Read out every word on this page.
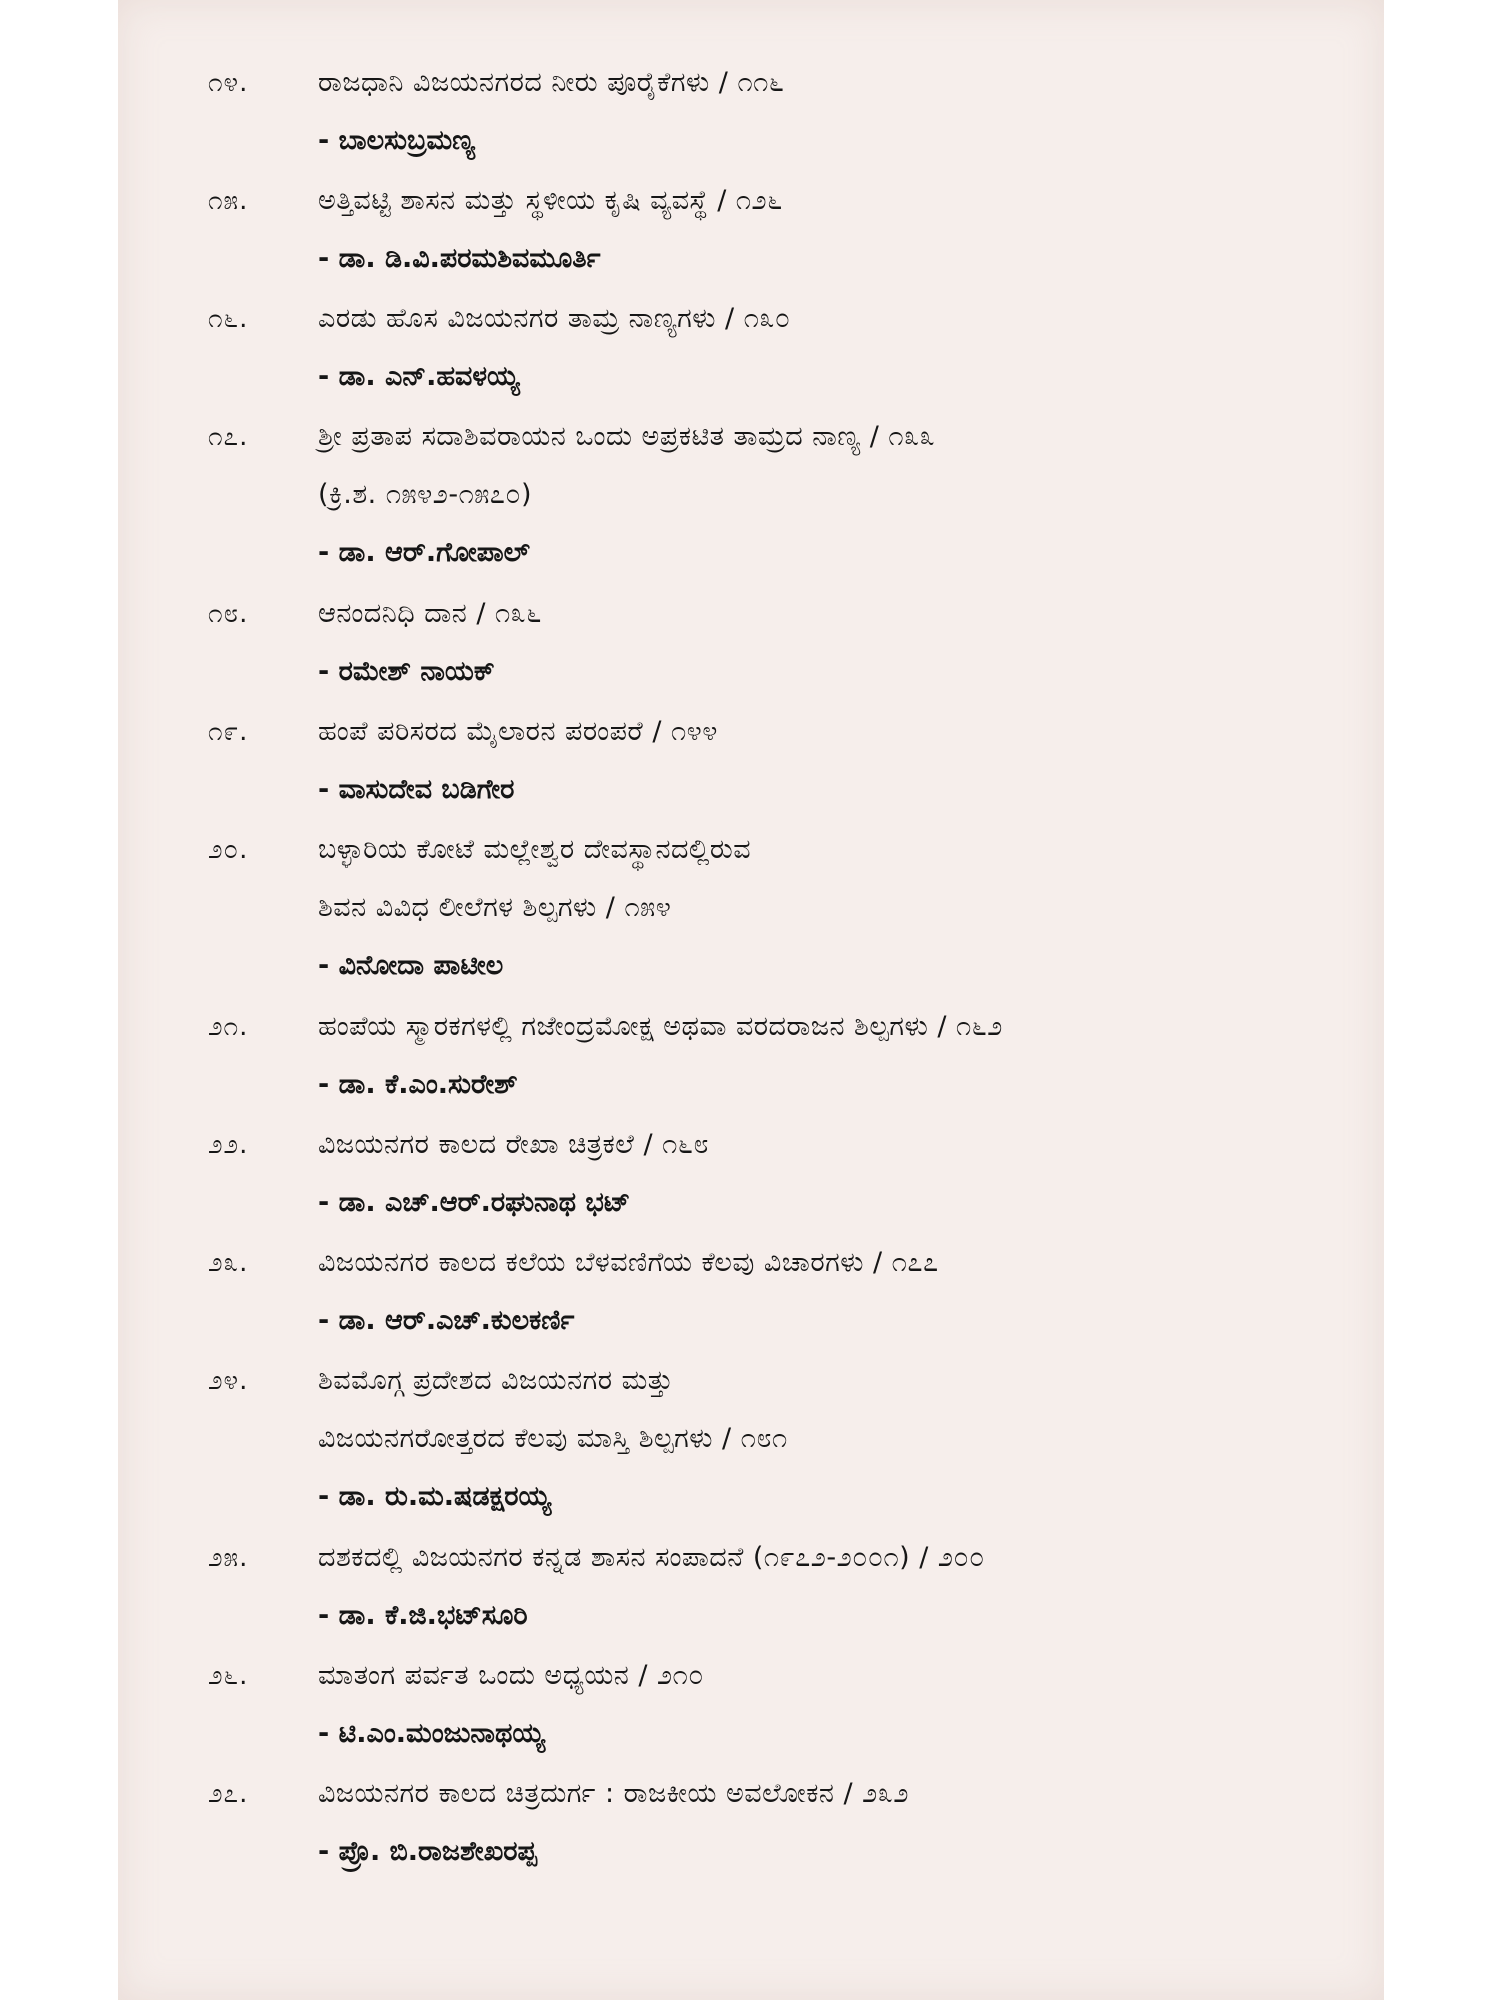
೧೪.	ರಾಜಧಾನಿ ವಿಜಯನಗರದ ನೀರು ಪೂರೈಕೆಗಳು / ೧೧೬
- ಬಾಲಸುಬ್ರಮಣ್ಯ
೧೫.	ಅತ್ತಿವಟ್ಟಿ ಶಾಸನ ಮತ್ತು ಸ್ಥಳೀಯ ಕೃಷಿ ವ್ಯವಸ್ಥೆ / ೧೨೬
- ಡಾ. ಡಿ.ವಿ.ಪರಮಶಿವಮೂರ್ತಿ
೧೬.	ಎರಡು ಹೊಸ ವಿಜಯನಗರ ತಾಮ್ರ ನಾಣ್ಯಗಳು / ೧೩೦
- ಡಾ. ಎನ್.ಹವಳಯ್ಯ
೧೭.	ಶ್ರೀ ಪ್ರತಾಪ ಸದಾಶಿವರಾಯನ ಒಂದು ಅಪ್ರಕಟಿತ ತಾಮ್ರದ ನಾಣ್ಯ / ೧೩೩
(ಕ್ರಿ.ಶ. ೧೫೪೨-೧೫೭೦)
- ಡಾ. ಆರ್.ಗೋಪಾಲ್
೧೮.	ಆನಂದನಿಧಿ ದಾನ / ೧೩೬
- ರಮೇಶ್ ನಾಯಕ್
೧೯.	ಹಂಪೆ ಪರಿಸರದ ಮೈಲಾರನ ಪರಂಪರೆ / ೧೪೪
- ವಾಸುದೇವ ಬಡಿಗೇರ
೨೦.	ಬಳ್ಳಾರಿಯ ಕೋಟೆ ಮಲ್ಲೇಶ್ವರ ದೇವಸ್ಥಾನದಲ್ಲಿರುವ
ಶಿವನ ವಿವಿಧ ಲೀಲೆಗಳ ಶಿಲ್ಪಗಳು / ೧೫೪
- ವಿನೋದಾ ಪಾಟೀಲ
೨೧.	ಹಂಪೆಯ ಸ್ಮಾರಕಗಳಲ್ಲಿ ಗಜೇಂದ್ರಮೋಕ್ಷ ಅಥವಾ ವರದರಾಜನ ಶಿಲ್ಪಗಳು / ೧೬೨
- ಡಾ. ಕೆ.ಎಂ.ಸುರೇಶ್
೨೨.	ವಿಜಯನಗರ ಕಾಲದ ರೇಖಾ ಚಿತ್ರಕಲೆ / ೧೬೮
- ಡಾ. ಎಚ್.ಆರ್.ರಘುನಾಥ ಭಟ್
೨೩.	ವಿಜಯನಗರ ಕಾಲದ ಕಲೆಯ ಬೆಳವಣಿಗೆಯ ಕೆಲವು ವಿಚಾರಗಳು / ೧೭೭
- ಡಾ. ಆರ್.ಎಚ್.ಕುಲಕರ್ಣಿ
೨೪.	ಶಿವಮೊಗ್ಗ ಪ್ರದೇಶದ ವಿಜಯನಗರ ಮತ್ತು
ವಿಜಯನಗರೋತ್ತರದ ಕೆಲವು ಮಾಸ್ತಿ ಶಿಲ್ಪಗಳು / ೧೮೧
- ಡಾ. ರು.ಮ.ಷಡಕ್ಷರಯ್ಯ
೨೫.	ದಶಕದಲ್ಲಿ ವಿಜಯನಗರ ಕನ್ನಡ ಶಾಸನ ಸಂಪಾದನೆ (೧೯೭೨-೨೦೦೧) / ೨೦೦
- ಡಾ. ಕೆ.ಜಿ.ಭಟ್‌ಸೂರಿ
೨೬.	ಮಾತಂಗ ಪರ್ವತ ಒಂದು ಅಧ್ಯಯನ / ೨೧೦
- ಟಿ.ಎಂ.ಮಂಜುನಾಥಯ್ಯ
೨೭.	ವಿಜಯನಗರ ಕಾಲದ ಚಿತ್ರದುರ್ಗ : ರಾಜಕೀಯ ಅವಲೋಕನ / ೨೩೨
- ಪ್ರೊ. ಬಿ.ರಾಜಶೇಖರಪ್ಪ
